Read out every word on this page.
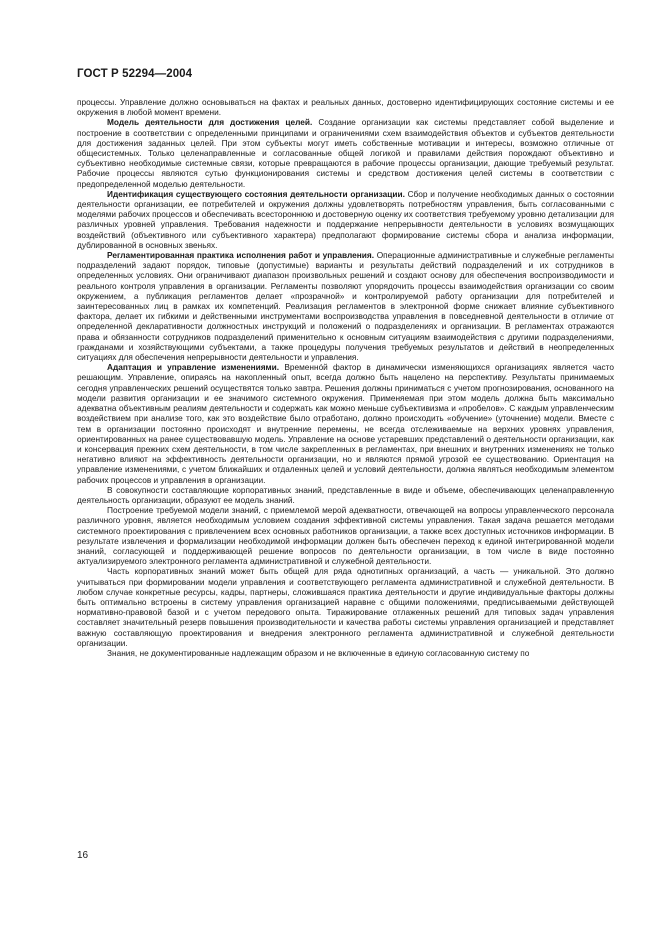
ГОСТ Р 52294—2004

процессы. Управление должно основываться на фактах и реальных данных, достоверно идентифицирующих состояние системы и ее окружения в любой момент времени.

Модель деятельности для достижения целей. Создание организации как системы представляет собой выделение и построение в соответствии с определенными принципами и ограничениями схем взаимодействия объектов и субъектов деятельности для достижения заданных целей. При этом субъекты могут иметь собственные мотивации и интересы, возможно отличные от общесистемных. Только целенаправленные и согласованные общей логикой и правилами действия порождают объективно и субъективно необходимые системные связи, которые превращаются в рабочие процессы организации, дающие требуемый результат. Рабочие процессы являются сутью функционирования системы и средством достижения целей системы в соответствии с предопределенной моделью деятельности.

Идентификация существующего состояния деятельности организации. Сбор и получение необходимых данных о состоянии деятельности организации, ее потребителей и окружения должны удовлетворять потребностям управления, быть согласованными с моделями рабочих процессов и обеспечивать всестороннюю и достоверную оценку их соответствия требуемому уровню детализации для различных уровней управления. Требования надежности и поддержание непрерывности деятельности в условиях возмущающих воздействий (объективного или субъективного характера) предполагают формирование системы сбора и анализа информации, дублированной в основных звеньях.

Регламентированная практика исполнения работ и управления. Операционные административные и служебные регламенты подразделений задают порядок, типовые (допустимые) варианты и результаты действий подразделений и их сотрудников в определенных условиях. Они ограничивают диапазон произвольных решений и создают основу для обеспечения воспроизводимости и реального контроля управления в организации. Регламенты позволяют упорядочить процессы взаимодействия организации со своим окружением, а публикация регламентов делает «прозрачной» и контролируемой работу организации для потребителей и заинтересованных лиц в рамках их компетенций. Реализация регламентов в электронной форме снижает влияние субъективного фактора, делает их гибкими и действенными инструментами воспроизводства управления в повседневной деятельности в отличие от определенной декларативности должностных инструкций и положений о подразделениях и организации. В регламентах отражаются права и обязанности сотрудников подразделений применительно к основным ситуациям взаимодействия с другими подразделениями, гражданами и хозяйствующими субъектами, а также процедуры получения требуемых результатов и действий в неопределенных ситуациях для обеспечения непрерывности деятельности и управления.

Адаптация и управление изменениями. Временнóй фактор в динамически изменяющихся организациях является часто решающим. Управление, опираясь на накопленный опыт, всегда должно быть нацелено на перспективу. Результаты принимаемых сегодня управленческих решений осуществятся только завтра. Решения должны приниматься с учетом прогнозирования, основанного на модели развития организации и ее значимого системного окружения. Применяемая при этом модель должна быть максимально адекватна объективным реалиям деятельности и содержать как можно меньше субъективизма и «пробелов». С каждым управленческим воздействием при анализе того, как это воздействие было отработано, должно происходить «обучение» (уточнение) модели. Вместе с тем в организации постоянно происходят и внутренние перемены, не всегда отслеживаемые на верхних уровнях управления, ориентированных на ранее существовавшую модель. Управление на основе устаревших представлений о деятельности организации, как и консервация прежних схем деятельности, в том числе закрепленных в регламентах, при внешних и внутренних изменениях не только негативно влияют на эффективность деятельности организации, но и являются прямой угрозой ее существованию. Ориентация на управление изменениями, с учетом ближайших и отдаленных целей и условий деятельности, должна являться необходимым элементом рабочих процессов и управления в организации.

В совокупности составляющие корпоративных знаний, представленные в виде и объеме, обеспечивающих целенаправленную деятельность организации, образуют ее модель знаний.

Построение требуемой модели знаний, с приемлемой мерой адекватности, отвечающей на вопросы управленческого персонала различного уровня, является необходимым условием создания эффективной системы управления. Такая задача решается методами системного проектирования с привлечением всех основных работников организации, а также всех доступных источников информации. В результате извлечения и формализации необходимой информации должен быть обеспечен переход к единой интегрированной модели знаний, согласующей и поддерживающей решение вопросов по деятельности организации, в том числе в виде постоянно актуализируемого электронного регламента административной и служебной деятельности.

Часть корпоративных знаний может быть общей для ряда однотипных организаций, а часть — уникальной. Это должно учитываться при формировании модели управления и соответствующего регламента административной и служебной деятельности. В любом случае конкретные ресурсы, кадры, партнеры, сложившаяся практика деятельности и другие индивидуальные факторы должны быть оптимально встроены в систему управления организацией наравне с общими положениями, предписываемыми действующей нормативно-правовой базой и с учетом передового опыта. Тиражирование отлаженных решений для типовых задач управления составляет значительный резерв повышения производительности и качества работы системы управления организацией и представляет важную составляющую проектирования и внедрения электронного регламента административной и служебной деятельности организации.

Знания, не документированные надлежащим образом и не включенные в единую согласованную систему по

16
